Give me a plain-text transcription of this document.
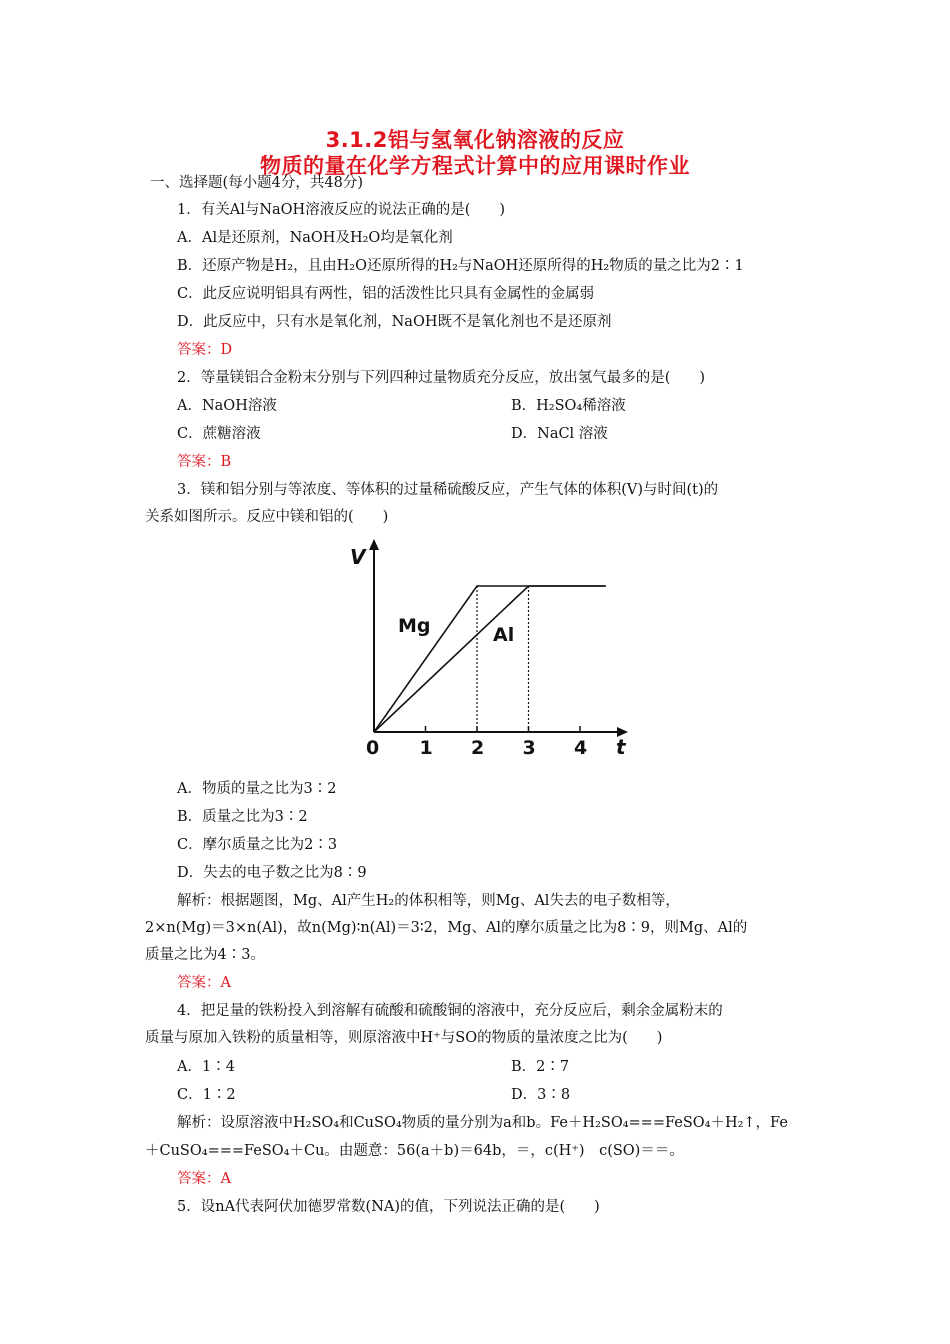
3.1.2铝与氢氧化钠溶液的反应
物质的量在化学方程式计算中的应用课时作业
一、选择题(每小题4分，共48分)
1．有关Al与NaOH溶液反应的说法正确的是(　　)
A．Al是还原剂，NaOH及H₂O均是氧化剂
B．还原产物是H₂，且由H₂O还原所得的H₂与NaOH还原所得的H₂物质的量之比为2∶1
C．此反应说明铝具有两性，铝的活泼性比只具有金属性的金属弱
D．此反应中，只有水是氧化剂，NaOH既不是氧化剂也不是还原剂
答案：D
2．等量镁铝合金粉末分别与下列四种过量物质充分反应，放出氢气最多的是(　　)
A．NaOH溶液	B．H₂SO₄稀溶液
C．蔗糖溶液	D．NaCl 溶液
答案：B
3．镁和铝分别与等浓度、等体积的过量稀硫酸反应，产生气体的体积(V)与时间(t)的
关系如图所示。反应中镁和铝的(　　)
0 1 2 3 4
V
t
Mg	Al
A．物质的量之比为3∶2
B．质量之比为3∶2
C．摩尔质量之比为2∶3
D．失去的电子数之比为8∶9
解析：根据题图，Mg、Al产生H₂的体积相等，则Mg、Al失去的电子数相等，
2×n(Mg)＝3×n(Al)，故n(Mg)∶n(Al)＝3∶2，Mg、Al的摩尔质量之比为8∶9，则Mg、Al的
质量之比为4∶3。
答案：A
4．把足量的铁粉投入到溶解有硫酸和硫酸铜的溶液中，充分反应后，剩余金属粉末的
质量与原加入铁粉的质量相等，则原溶液中H⁺与SO的物质的量浓度之比为(　　)
A．1∶4	B．2∶7
C．1∶2	D．3∶8
解析：设原溶液中H₂SO₄和CuSO₄物质的量分别为a和b。Fe＋H₂SO₄===FeSO₄＋H₂↑，Fe
＋CuSO₄===FeSO₄＋Cu。由题意：56(a＋b)＝64b，＝，c(H⁺)　c(SO)＝＝。
答案：A
5．设nA代表阿伏加德罗常数(NA)的值，下列说法正确的是(　　)
